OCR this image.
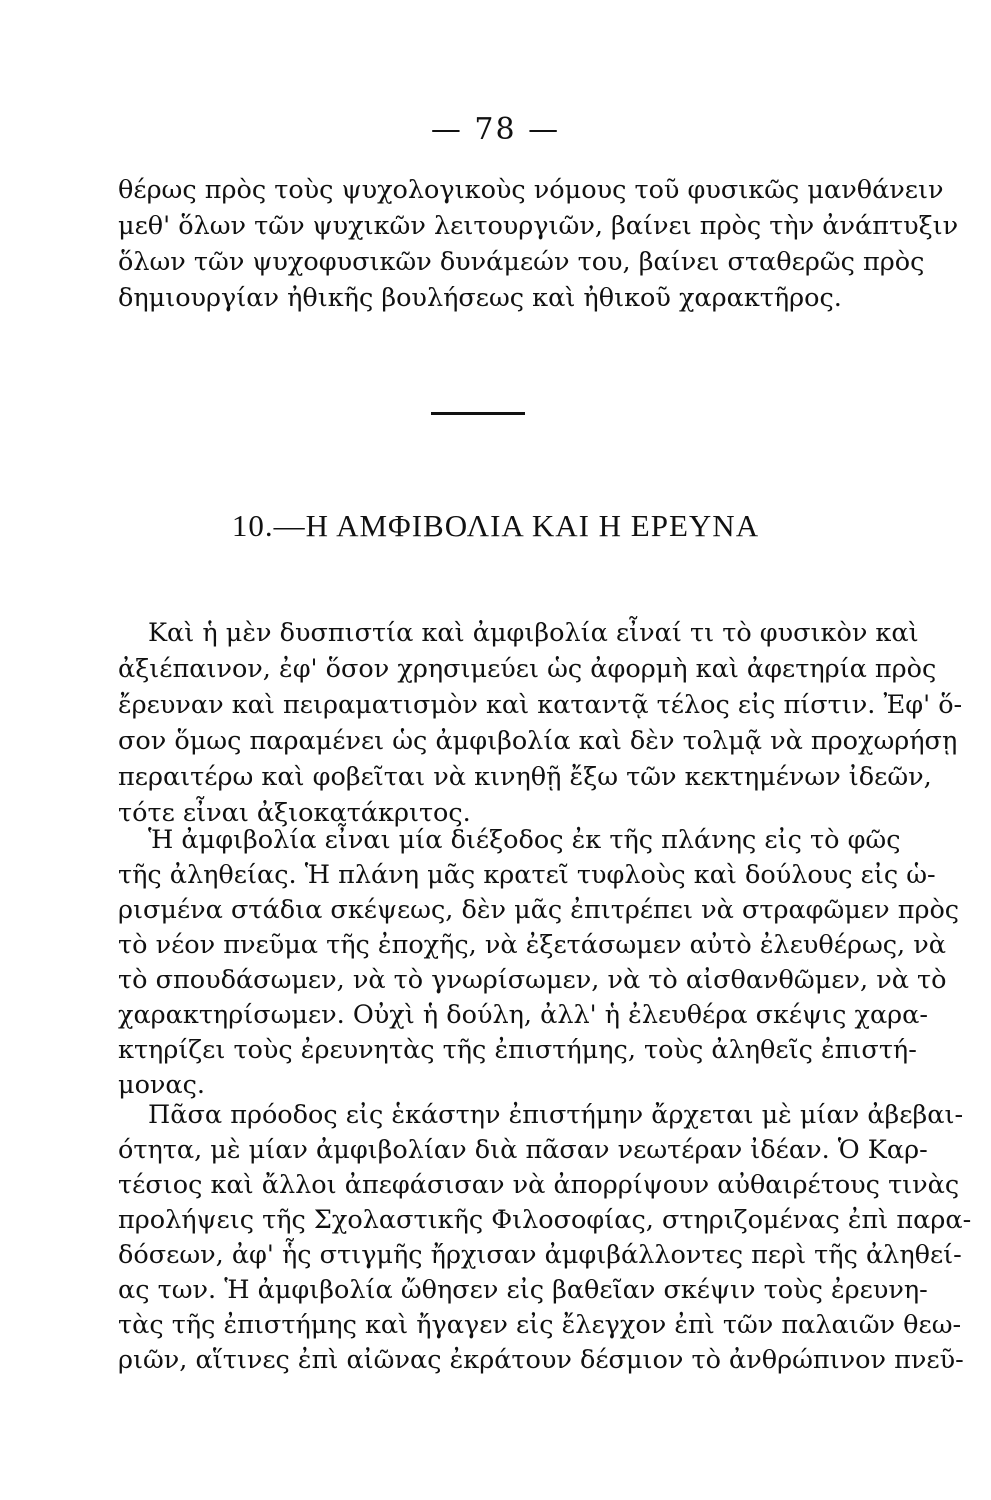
— 78 —
θέρως πρὸς τοὺς ψυχολογικοὺς νόμους τοῦ φυσικῶς μανθάνειν
μεθ' ὅλων τῶν ψυχικῶν λειτουργιῶν, βαίνει πρὸς τὴν ἀνάπτυξιν
ὅλων τῶν ψυχοφυσικῶν δυνάμεών του, βαίνει σταθερῶς πρὸς
δημιουργίαν ἠθικῆς βουλήσεως καὶ ἠθικοῦ χαρακτῆρος.
10.—Η ΑΜΦΙΒΟΛΙΑ ΚΑΙ Η ΕΡΕΥΝΑ
Καὶ ἡ μὲν δυσπιστία καὶ ἀμφιβολία εἶναί τι τὸ φυσικὸν καὶ
ἀξιέπαινον, ἐφ' ὅσον χρησιμεύει ὡς ἀφορμὴ καὶ ἀφετηρία πρὸς
ἔρευναν καὶ πειραματισμὸν καὶ καταντᾷ τέλος εἰς πίστιν. Ἐφ' ὅ-
σον ὅμως παραμένει ὡς ἀμφιβολία καὶ δὲν τολμᾷ νὰ προχωρήσῃ
περαιτέρω καὶ φοβεῖται νὰ κινηθῇ ἔξω τῶν κεκτημένων ἰδεῶν,
τότε εἶναι ἀξιοκατάκριτος.
Ἡ ἀμφιβολία εἶναι μία διέξοδος ἐκ τῆς πλάνης εἰς τὸ φῶς
τῆς ἀληθείας. Ἡ πλάνη μᾶς κρατεῖ τυφλοὺς καὶ δούλους εἰς ὡ-
ρισμένα στάδια σκέψεως, δὲν μᾶς ἐπιτρέπει νὰ στραφῶμεν πρὸς
τὸ νέον πνεῦμα τῆς ἐποχῆς, νὰ ἐξετάσωμεν αὐτὸ ἐλευθέρως, νὰ
τὸ σπουδάσωμεν, νὰ τὸ γνωρίσωμεν, νὰ τὸ αἰσθανθῶμεν, νὰ τὸ
χαρακτηρίσωμεν. Οὐχὶ ἡ δούλη, ἀλλ' ἡ ἐλευθέρα σκέψις χαρα-
κτηρίζει τοὺς ἐρευνητὰς τῆς ἐπιστήμης, τοὺς ἀληθεῖς ἐπιστή-
μονας.
Πᾶσα πρόοδος εἰς ἑκάστην ἐπιστήμην ἄρχεται μὲ μίαν ἀβεβαι-
ότητα, μὲ μίαν ἀμφιβολίαν διὰ πᾶσαν νεωτέραν ἰδέαν. Ὁ Καρ-
τέσιος καὶ ἄλλοι ἀπεφάσισαν νὰ ἀπορρίψουν αὐθαιρέτους τινὰς
προλήψεις τῆς Σχολαστικῆς Φιλοσοφίας, στηριζομένας ἐπὶ παρα-
δόσεων, ἀφ' ἧς στιγμῆς ἤρχισαν ἀμφιβάλλοντες περὶ τῆς ἀληθεί-
ας των. Ἡ ἀμφιβολία ὤθησεν εἰς βαθεῖαν σκέψιν τοὺς ἐρευνη-
τὰς τῆς ἐπιστήμης καὶ ἤγαγεν εἰς ἔλεγχον ἐπὶ τῶν παλαιῶν θεω-
ριῶν, αἵτινες ἐπὶ αἰῶνας ἐκράτουν δέσμιον τὸ ἀνθρώπινον πνεῦ-
